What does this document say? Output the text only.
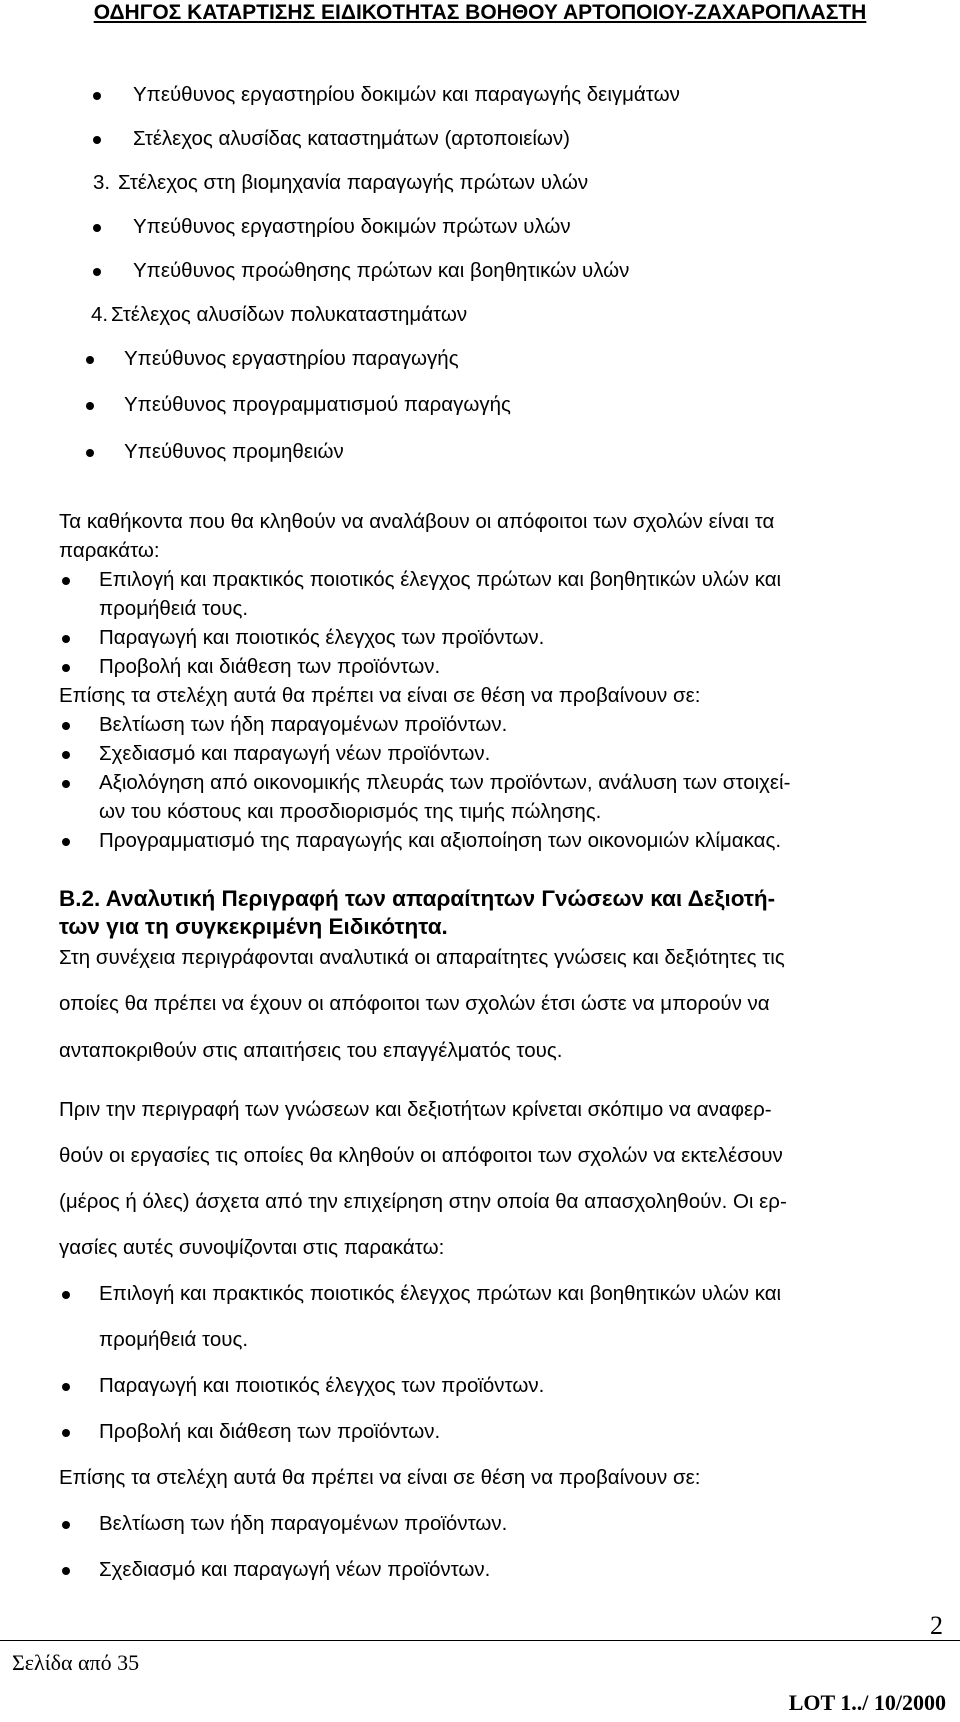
ΟΔΗΓΟΣ ΚΑΤΑΡΤΙΣΗΣ ΕΙΔΙΚΟΤΗΤΑΣ ΒΟΗΘΟΥ ΑΡΤΟΠΟΙΟΥ-ΖΑΧΑΡΟΠΛΑΣΤΗ
Υπεύθυνος εργαστηρίου δοκιμών και παραγωγής δειγμάτων
Στέλεχος αλυσίδας καταστημάτων (αρτοποιείων)
3. Στέλεχος στη βιομηχανία παραγωγής πρώτων υλών
Υπεύθυνος εργαστηρίου δοκιμών πρώτων υλών
Υπεύθυνος προώθησης πρώτων και βοηθητικών υλών
4. Στέλεχος αλυσίδων πολυκαταστημάτων
Υπεύθυνος εργαστηρίου παραγωγής
Υπεύθυνος προγραμματισμού παραγωγής
Υπεύθυνος προμηθειών
Τα καθήκοντα που θα κληθούν να αναλάβουν οι απόφοιτοι των σχολών είναι τα
παρακάτω:
Επιλογή και πρακτικός ποιοτικός έλεγχος πρώτων και βοηθητικών υλών και
προμήθειά τους.
Παραγωγή και ποιοτικός έλεγχος των προϊόντων.
Προβολή και διάθεση των προϊόντων.
Επίσης τα στελέχη αυτά θα πρέπει να είναι σε θέση να προβαίνουν σε:
Βελτίωση των ήδη παραγομένων προϊόντων.
Σχεδιασμό και παραγωγή νέων προϊόντων.
Αξιολόγηση από οικονομικής πλευράς των προϊόντων, ανάλυση των στοιχεί-
ων του κόστους και προσδιορισμός της τιμής πώλησης.
Προγραμματισμό της παραγωγής και αξιοποίηση των οικονομιών κλίμακας.
Β.2. Αναλυτική Περιγραφή των απαραίτητων Γνώσεων και Δεξιοτή-
των για τη συγκεκριμένη Ειδικότητα.
Στη συνέχεια περιγράφονται αναλυτικά οι απαραίτητες γνώσεις και δεξιότητες τις
οποίες θα πρέπει να έχουν οι απόφοιτοι των σχολών έτσι ώστε να μπορούν να
ανταποκριθούν στις απαιτήσεις του επαγγέλματός τους.
Πριν την περιγραφή των γνώσεων και δεξιοτήτων κρίνεται σκόπιμο να αναφερ-
θούν οι εργασίες τις οποίες θα κληθούν οι απόφοιτοι των σχολών να εκτελέσουν
(μέρος ή όλες) άσχετα από την επιχείρηση στην οποία θα απασχοληθούν. Οι ερ-
γασίες αυτές συνοψίζονται στις παρακάτω:
Επιλογή και πρακτικός ποιοτικός έλεγχος πρώτων και βοηθητικών υλών και
προμήθειά τους.
Παραγωγή και ποιοτικός έλεγχος των προϊόντων.
Προβολή και διάθεση των προϊόντων.
Επίσης τα στελέχη αυτά θα πρέπει να είναι σε θέση να προβαίνουν σε:
Βελτίωση των ήδη παραγομένων προϊόντων.
Σχεδιασμό και παραγωγή νέων προϊόντων.
2
Σελίδα από 35
LOT 1../ 10/2000
